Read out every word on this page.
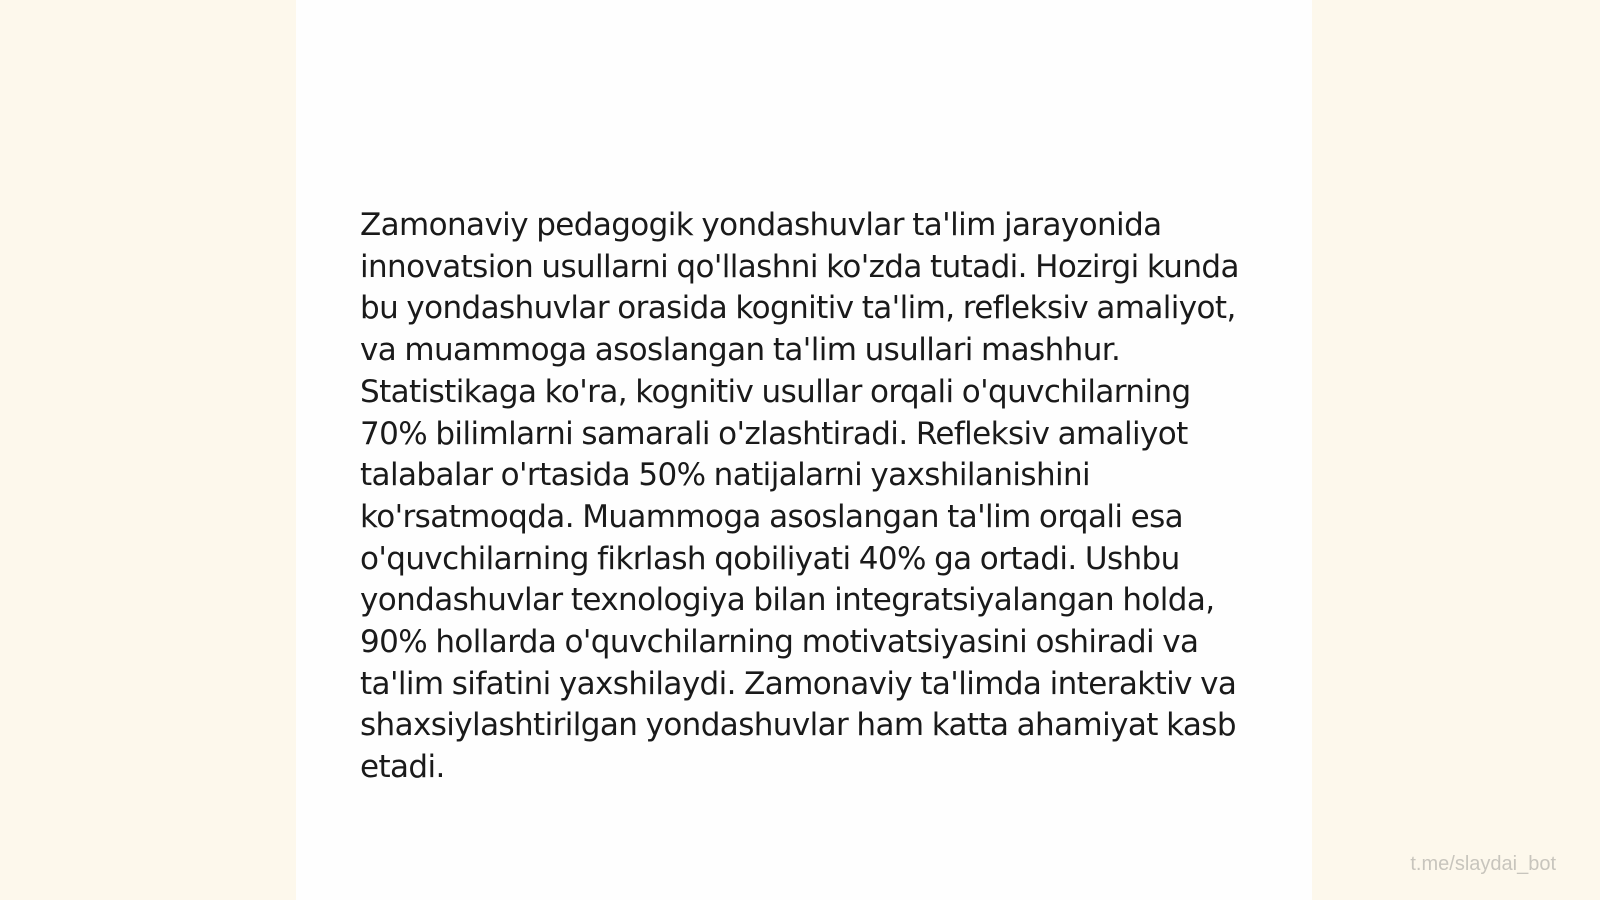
Zamonaviy pedagogik yondashuvlar ta'lim jarayonida innovatsion usullarni qo'llashni ko'zda tutadi. Hozirgi kunda bu yondashuvlar orasida kognitiv ta'lim, refleksiv amaliyot, va muammoga asoslangan ta'lim usullari mashhur. Statistikaga ko'ra, kognitiv usullar orqali o'quvchilarning 70% bilimlarni samarali o'zlashtiradi. Refleksiv amaliyot talabalar o'rtasida 50% natijalarni yaxshilanishini ko'rsatmoqda. Muammoga asoslangan ta'lim orqali esa o'quvchilarning fikrlash qobiliyati 40% ga ortadi. Ushbu yondashuvlar texnologiya bilan integratsiyalangan holda, 90% hollarda o'quvchilarning motivatsiyasini oshiradi va ta'lim sifatini yaxshilaydi. Zamonaviy ta'limda interaktiv va shaxsiylashtirilgan yondashuvlar ham katta ahamiyat kasb etadi.

t.me/slaydai_bot
